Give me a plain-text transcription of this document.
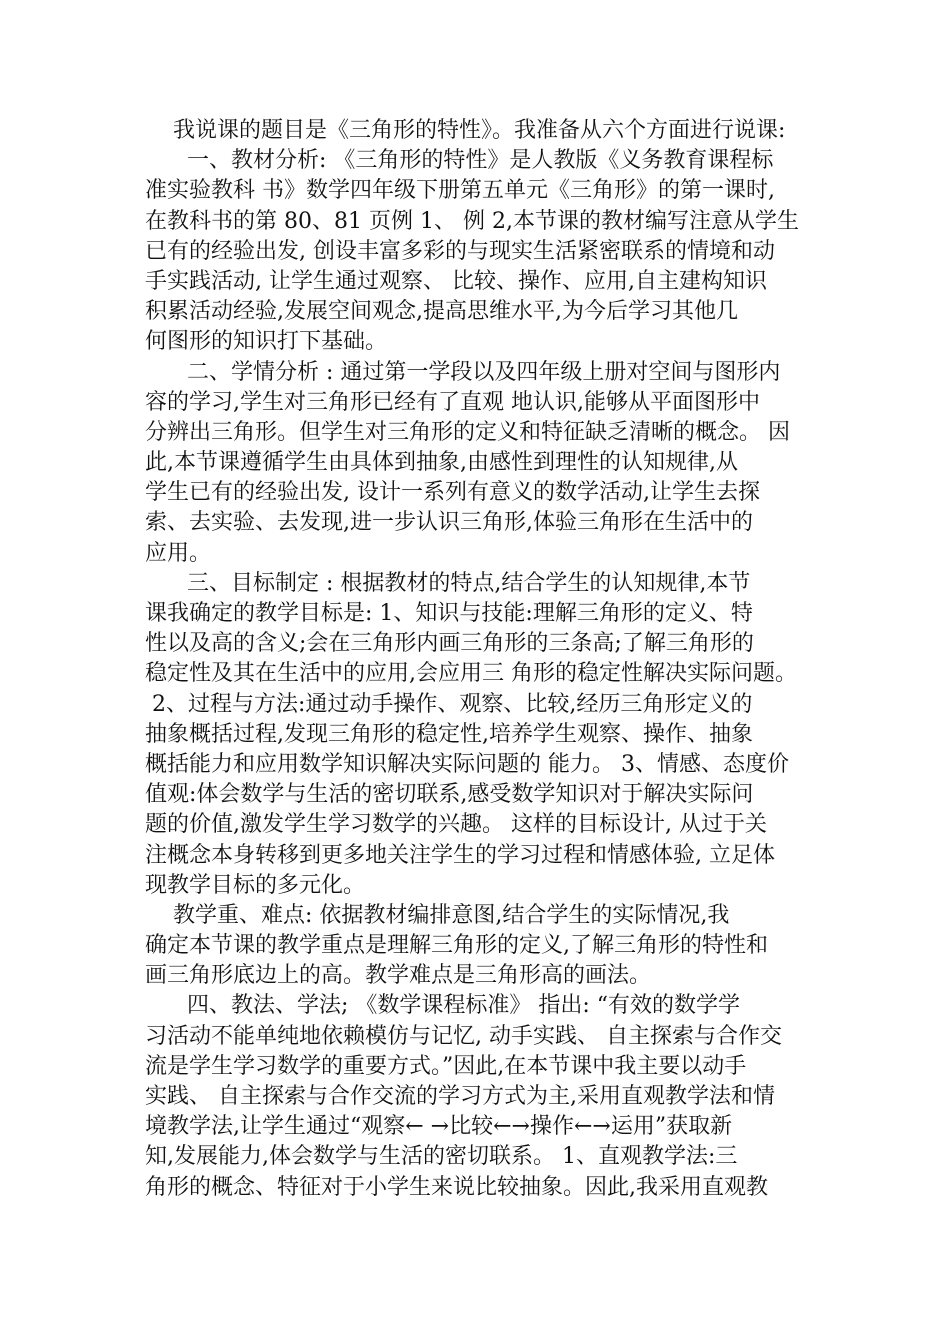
我说课的题目是《三角形的特性》。我准备从六个方面进行说课:
一、教材分析: 《三角形的特性》是人教版《义务教育课程标
准实验教科 书》数学四年级下册第五单元《三角形》的第一课时,
在教科书的第 80、81 页例 1、 例 2,本节课的教材编写注意从学生
已有的经验出发, 创设丰富多彩的与现实生活紧密联系的情境和动
手实践活动, 让学生通过观察、 比较、操作、应用,自主建构知识
积累活动经验,发展空间观念,提高思维水平,为今后学习其他几
何图形的知识打下基础。
二、学情分析 : 通过第一学段以及四年级上册对空间与图形内
容的学习,学生对三角形已经有了直观 地认识,能够从平面图形中
分辨出三角形。但学生对三角形的定义和特征缺乏清晰的概念。 因
此,本节课遵循学生由具体到抽象,由感性到理性的认知规律,从
学生已有的经验出发, 设计一系列有意义的数学活动,让学生去探
索、去实验、去发现,进一步认识三角形,体验三角形在生活中的
应用。
三、目标制定 : 根据教材的特点,结合学生的认知规律,本节
课我确定的教学目标是: 1、知识与技能:理解三角形的定义、特
性以及高的含义;会在三角形内画三角形的三条高;了解三角形的
稳定性及其在生活中的应用,会应用三 角形的稳定性解决实际问题。
2、过程与方法:通过动手操作、观察、比较,经历三角形定义的
抽象概括过程,发现三角形的稳定性,培养学生观察、操作、抽象
概括能力和应用数学知识解决实际问题的 能力。 3、情感、态度价
值观:体会数学与生活的密切联系,感受数学知识对于解决实际问
题的价值,激发学生学习数学的兴趣。 这样的目标设计, 从过于关
注概念本身转移到更多地关注学生的学习过程和情感体验, 立足体
现教学目标的多元化。
教学重、难点: 依据教材编排意图,结合学生的实际情况,我
确定本节课的教学重点是理解三角形的定义,了解三角形的特性和
画三角形底边上的高。教学难点是三角形高的画法。
四、教法、学法; 《数学课程标准》 指出: “有效的数学学
习活动不能单纯地依赖模仿与记忆, 动手实践、 自主探索与合作交
流是学生学习数学的重要方式。”因此,在本节课中我主要以动手
实践、 自主探索与合作交流的学习方式为主,采用直观教学法和情
境教学法,让学生通过“观察← →比较←→操作←→运用”获取新
知,发展能力,体会数学与生活的密切联系。 1、直观教学法:三
角形的概念、特征对于小学生来说比较抽象。因此,我采用直观教
